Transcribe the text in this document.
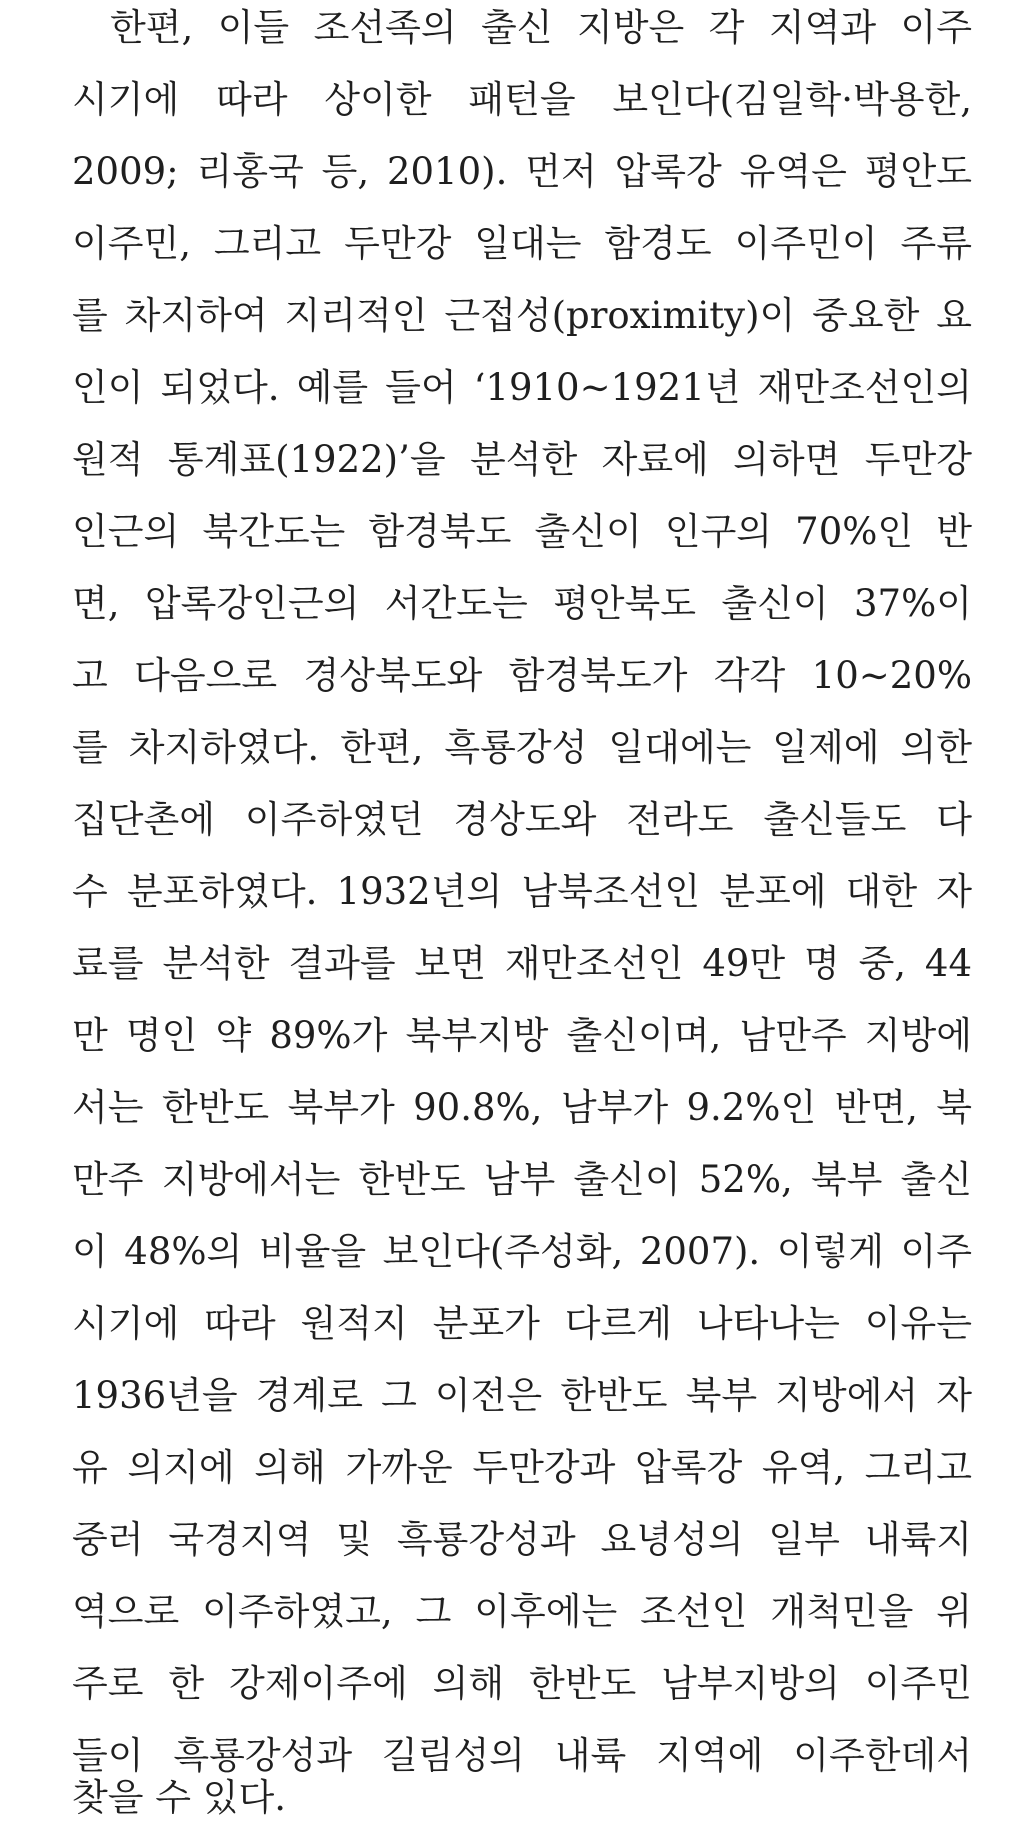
한편, 이들 조선족의 출신 지방은 각 지역과 이주
시기에 따라 상이한 패턴을 보인다(김일학·박용한,
2009; 리홍국 등, 2010). 먼저 압록강 유역은 평안도
이주민, 그리고 두만강 일대는 함경도 이주민이 주류
를 차지하여 지리적인 근접성(proximity)이 중요한 요
인이 되었다. 예를 들어 ‘1910∼1921년 재만조선인의
원적 통계표(1922)’을 분석한 자료에 의하면 두만강
인근의 북간도는 함경북도 출신이 인구의 70%인 반
면, 압록강인근의 서간도는 평안북도 출신이 37%이
고 다음으로 경상북도와 함경북도가 각각 10∼20%
를 차지하였다. 한편, 흑룡강성 일대에는 일제에 의한
집단촌에 이주하였던 경상도와 전라도 출신들도 다
수 분포하였다. 1932년의 남북조선인 분포에 대한 자
료를 분석한 결과를 보면 재만조선인 49만 명 중, 44
만 명인 약 89%가 북부지방 출신이며, 남만주 지방에
서는 한반도 북부가 90.8%, 남부가 9.2%인 반면, 북
만주 지방에서는 한반도 남부 출신이 52%, 북부 출신
이 48%의 비율을 보인다(주성화, 2007). 이렇게 이주
시기에 따라 원적지 분포가 다르게 나타나는 이유는
1936년을 경계로 그 이전은 한반도 북부 지방에서 자
유 의지에 의해 가까운 두만강과 압록강 유역, 그리고
중러 국경지역 및 흑룡강성과 요녕성의 일부 내륙지
역으로 이주하였고, 그 이후에는 조선인 개척민을 위
주로 한 강제이주에 의해 한반도 남부지방의 이주민
들이 흑룡강성과 길림성의 내륙 지역에 이주한데서
찾을 수 있다.
